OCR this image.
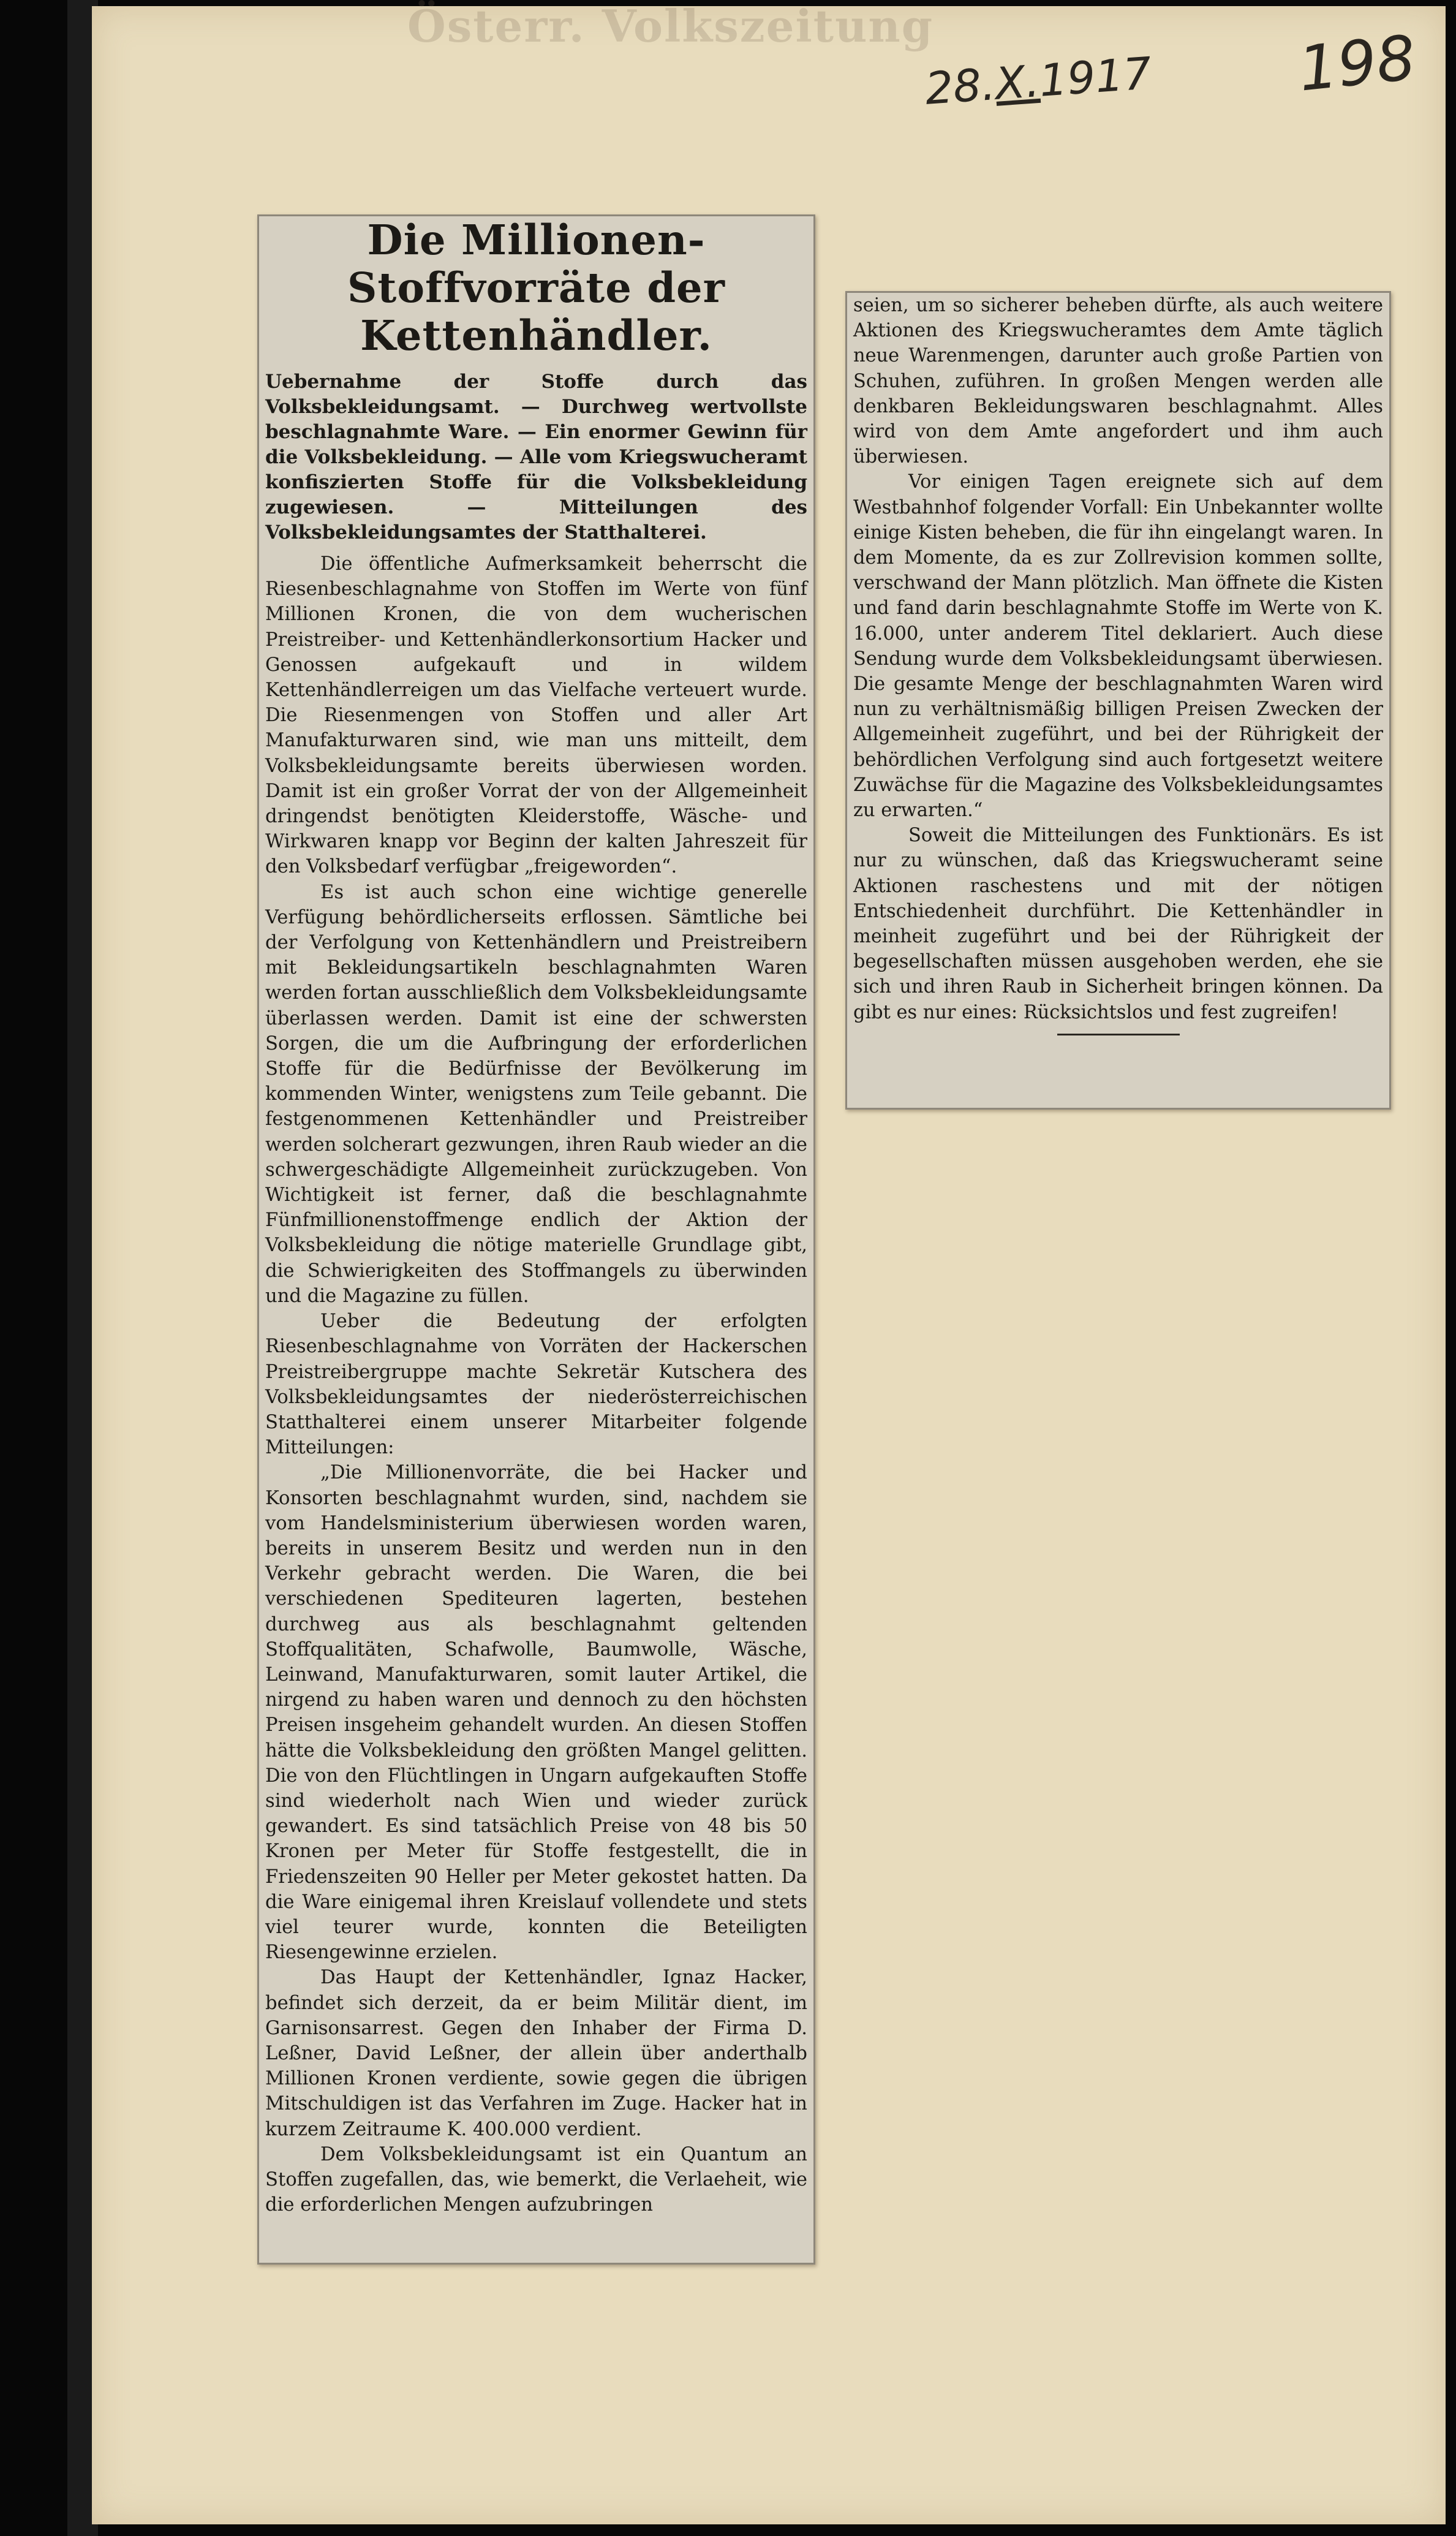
Österr. Volkszeitung
28.X.1917 198
Die Millionen-Stoffvorräte der Kettenhändler.
Uebernahme der Stoffe durch das Volksbekleidungsamt. — Durchweg wertvollste beschlagnahmte Ware. — Ein enormer Gewinn für die Volksbekleidung. — Alle vom Kriegswucheramt konfiszierten Stoffe für die Volksbekleidung zugewiesen. — Mitteilungen des Volksbekleidungsamtes der Statthalterei.

Die öffentliche Aufmerksamkeit beherrscht die Riesenbeschlagnahme von Stoffen im Werte von fünf Millionen Kronen, die von dem wucherischen Preistreiber- und Kettenhändlerkonsortium Hacker und Genossen aufgekauft und in wildem Kettenhändlerreigen um das Vielfache verteuert wurde. Die Riesenmengen von Stoffen und aller Art Manufakturwaren sind, wie man uns mitteilt, dem Volksbekleidungsamte bereits überwiesen worden. Damit ist ein großer Vorrat der von der Allgemeinheit dringendst benötigten Kleiderstoffe, Wäsche- und Wirkwaren knapp vor Beginn der kalten Jahreszeit für den Volksbedarf verfügbar „freigeworden“.

Es ist auch schon eine wichtige generelle Verfügung behördlicherseits erflossen. Sämtliche bei der Verfolgung von Kettenhändlern und Preistreibern mit Bekleidungsartikeln beschlagnahmten Waren werden fortan ausschließlich dem Volksbekleidungsamte überlassen werden. Damit ist eine der schwersten Sorgen, die um die Aufbringung der erforderlichen Stoffe für die Bedürfnisse der Bevölkerung im kommenden Winter, wenigstens zum Teile gebannt. Die festgenommenen Kettenhändler und Preistreiber werden solcherart gezwungen, ihren Raub wieder an die schwergeschädigte Allgemeinheit zurückzugeben. Von Wichtigkeit ist ferner, daß die beschlagnahmte Fünfmillionenstoffmenge endlich der Aktion der Volksbekleidung die nötige materielle Grundlage gibt, die Schwierigkeiten des Stoffmangels zu überwinden und die Magazine zu füllen.

Ueber die Bedeutung der erfolgten Riesenbeschlagnahme von Vorräten der Hackerschen Preistreibergruppe machte Sekretär Kutschera des Volksbekleidungsamtes der niederösterreichischen Statthalterei einem unserer Mitarbeiter folgende Mitteilungen:

„Die Millionenvorräte, die bei Hacker und Konsorten beschlagnahmt wurden, sind, nachdem sie vom Handelsministerium überwiesen worden waren, bereits in unserem Besitz und werden nun in den Verkehr gebracht werden. Die Waren, die bei verschiedenen Spediteuren lagerten, bestehen durchweg aus als beschlagnahmt geltenden Stoffqualitäten, Schafwolle, Baumwolle, Wäsche, Leinwand, Manufakturwaren, somit lauter Artikel, die nirgend zu haben waren und dennoch zu den höchsten Preisen insgeheim gehandelt wurden. An diesen Stoffen hätte die Volksbekleidung den größten Mangel gelitten. Die von den Flüchtlingen in Ungarn aufgekauften Stoffe sind wiederholt nach Wien und wieder zurück gewandert. Es sind tatsächlich Preise von 48 bis 50 Kronen per Meter für Stoffe festgestellt, die in Friedenszeiten 90 Heller per Meter gekostet hatten. Da die Ware einigemal ihren Kreislauf vollendete und stets viel teurer wurde, konnten die Beteiligten Riesengewinne erzielen.

Das Haupt der Kettenhändler, Ignaz Hacker, befindet sich derzeit, da er beim Militär dient, im Garnisonsarrest. Gegen den Inhaber der Firma D. Leßner, David Leßner, der allein über anderthalb Millionen Kronen verdiente, sowie gegen die übrigen Mitschuldigen ist das Verfahren im Zuge. Hacker hat in kurzem Zeitraume K. 400.000 verdient.

Dem Volksbekleidungsamt ist ein Quantum an Stoffen zugefallen, das, wie bemerkt, die Verlaeheit, wie die erforderlichen Mengen aufzubringen

seien, um so sicherer beheben dürfte, als auch weitere Aktionen des Kriegswucheramtes dem Amte täglich neue Warenmengen, darunter auch große Partien von Schuhen, zuführen. In großen Mengen werden alle denkbaren Bekleidungswaren beschlagnahmt. Alles wird von dem Amte angefordert und ihm auch überwiesen.

Vor einigen Tagen ereignete sich auf dem Westbahnhof folgender Vorfall: Ein Unbekannter wollte einige Kisten beheben, die für ihn eingelangt waren. In dem Momente, da es zur Zollrevision kommen sollte, verschwand der Mann plötzlich. Man öffnete die Kisten und fand darin beschlagnahmte Stoffe im Werte von K. 16.000, unter anderem Titel deklariert. Auch diese Sendung wurde dem Volksbekleidungsamt überwiesen. Die gesamte Menge der beschlagnahmten Waren wird nun zu verhältnismäßig billigen Preisen Zwecken der Allgemeinheit zugeführt, und bei der Rührigkeit der behördlichen Verfolgung sind auch fortgesetzt weitere Zuwächse für die Magazine des Volksbekleidungsamtes zu erwarten.“

Soweit die Mitteilungen des Funktionärs. Es ist nur zu wünschen, daß das Kriegswucheramt seine Aktionen raschestens und mit der nötigen Entschiedenheit durchführt. Die Kettenhändler in meinheit zugeführt und bei der Rührigkeit der begesellschaften müssen ausgehoben werden, ehe sie sich und ihren Raub in Sicherheit bringen können. Da gibt es nur eines: Rücksichtslos und fest zugreifen!
